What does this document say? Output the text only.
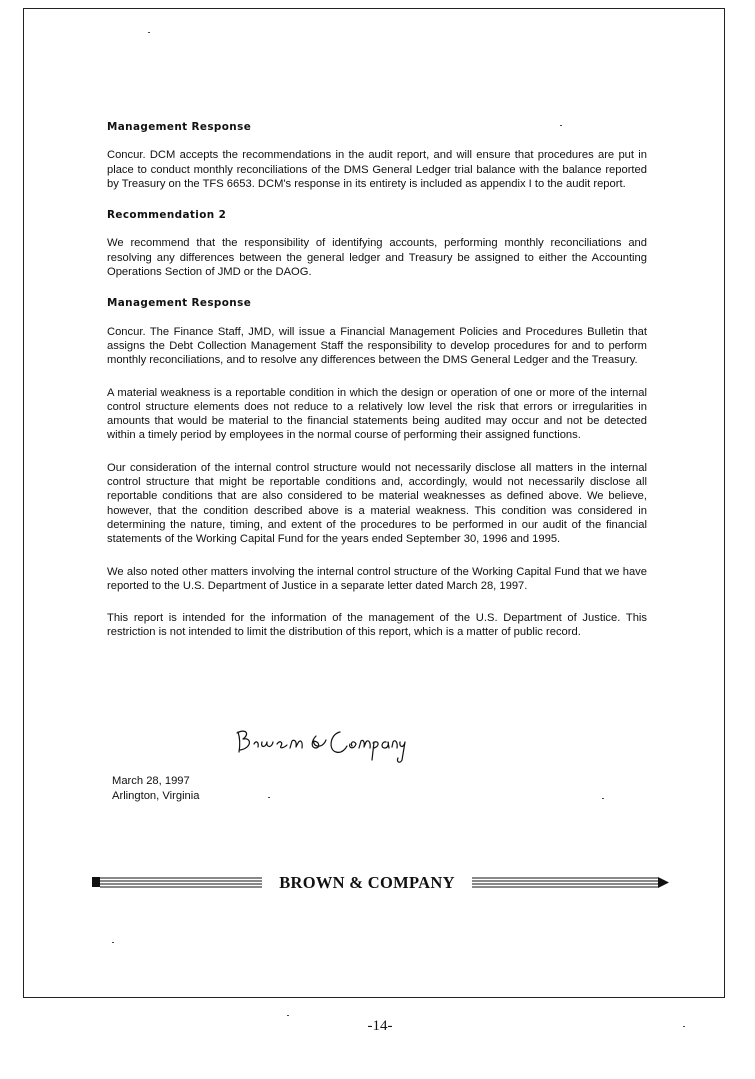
Management Response
Concur. DCM accepts the recommendations in the audit report, and will ensure that procedures are put in place to conduct monthly reconciliations of the DMS General Ledger trial balance with the balance reported by Treasury on the TFS 6653. DCM's response in its entirety is included as appendix I to the audit report.
Recommendation 2
We recommend that the responsibility of identifying accounts, performing monthly reconciliations and resolving any differences between the general ledger and Treasury be assigned to either the Accounting Operations Section of JMD or the DAOG.
Management Response
Concur. The Finance Staff, JMD, will issue a Financial Management Policies and Procedures Bulletin that assigns the Debt Collection Management Staff the responsibility to develop procedures for and to perform monthly reconciliations, and to resolve any differences between the DMS General Ledger and the Treasury.
A material weakness is a reportable condition in which the design or operation of one or more of the internal control structure elements does not reduce to a relatively low level the risk that errors or irregularities in amounts that would be material to the financial statements being audited may occur and not be detected within a timely period by employees in the normal course of performing their assigned functions.
Our consideration of the internal control structure would not necessarily disclose all matters in the internal control structure that might be reportable conditions and, accordingly, would not necessarily disclose all reportable conditions that are also considered to be material weaknesses as defined above. We believe, however, that the condition described above is a material weakness. This condition was considered in determining the nature, timing, and extent of the procedures to be performed in our audit of the financial statements of the Working Capital Fund for the years ended September 30, 1996 and 1995.
We also noted other matters involving the internal control structure of the Working Capital Fund that we have reported to the U.S. Department of Justice in a separate letter dated March 28, 1997.
This report is intended for the information of the management of the U.S. Department of Justice. This restriction is not intended to limit the distribution of this report, which is a matter of public record.
March 28, 1997
Arlington, Virginia
BROWN & COMPANY
-14-
